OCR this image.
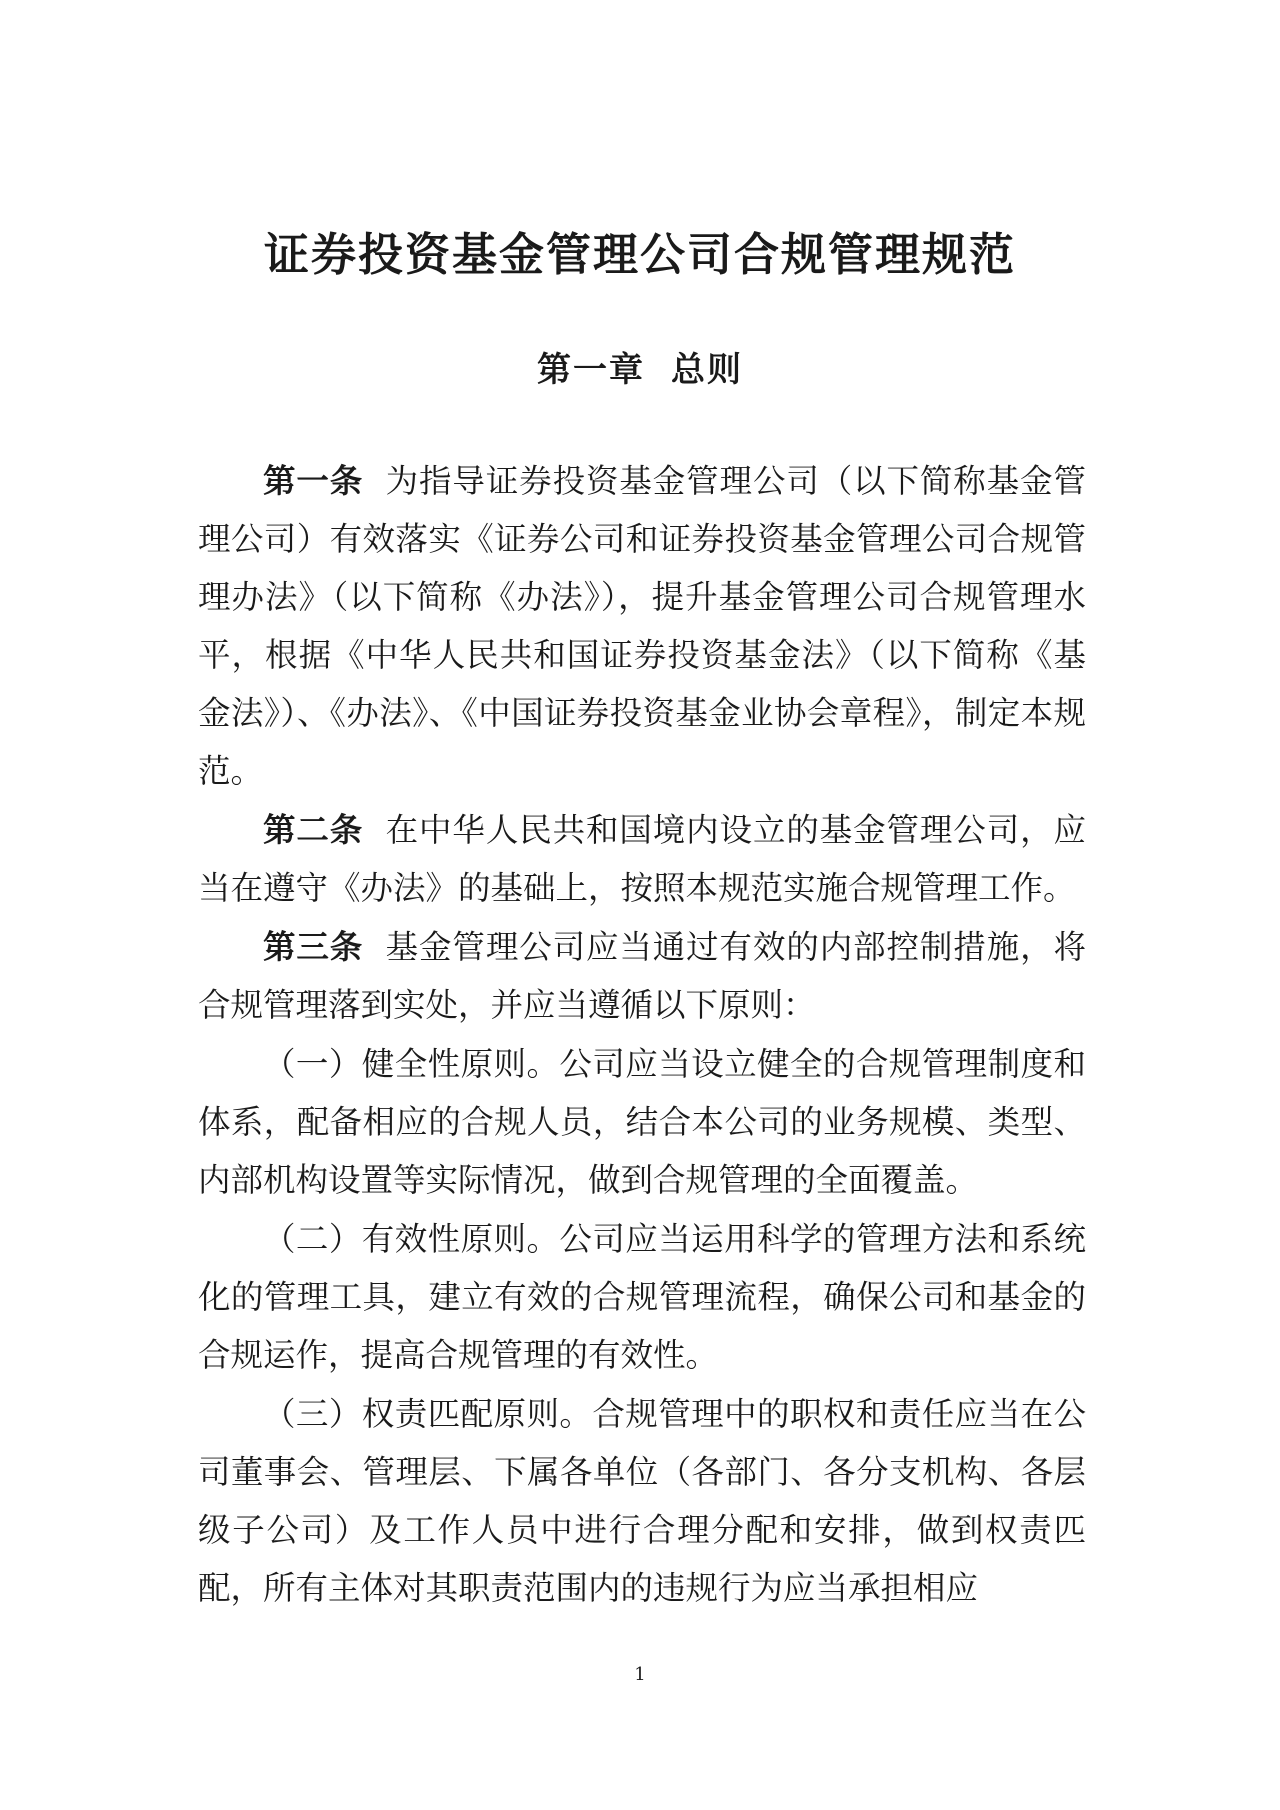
证券投资基金管理公司合规管理规范
第一章 总则

第一条 为指导证券投资基金管理公司（以下简称基金管理公司）有效落实《证券公司和证券投资基金管理公司合规管理办法》（以下简称《办法》），提升基金管理公司合规管理水平，根据《中华人民共和国证券投资基金法》（以下简称《基金法》）、《办法》、《中国证券投资基金业协会章程》，制定本规范。

第二条 在中华人民共和国境内设立的基金管理公司，应当在遵守《办法》的基础上，按照本规范实施合规管理工作。

第三条 基金管理公司应当通过有效的内部控制措施，将合规管理落到实处，并应当遵循以下原则：

（一）健全性原则。公司应当设立健全的合规管理制度和体系，配备相应的合规人员，结合本公司的业务规模、类型、内部机构设置等实际情况，做到合规管理的全面覆盖。

（二）有效性原则。公司应当运用科学的管理方法和系统化的管理工具，建立有效的合规管理流程，确保公司和基金的合规运作，提高合规管理的有效性。

（三）权责匹配原则。合规管理中的职权和责任应当在公司董事会、管理层、下属各单位（各部门、各分支机构、各层级子公司）及工作人员中进行合理分配和安排，做到权责匹配，所有主体对其职责范围内的违规行为应当承担相应

1
